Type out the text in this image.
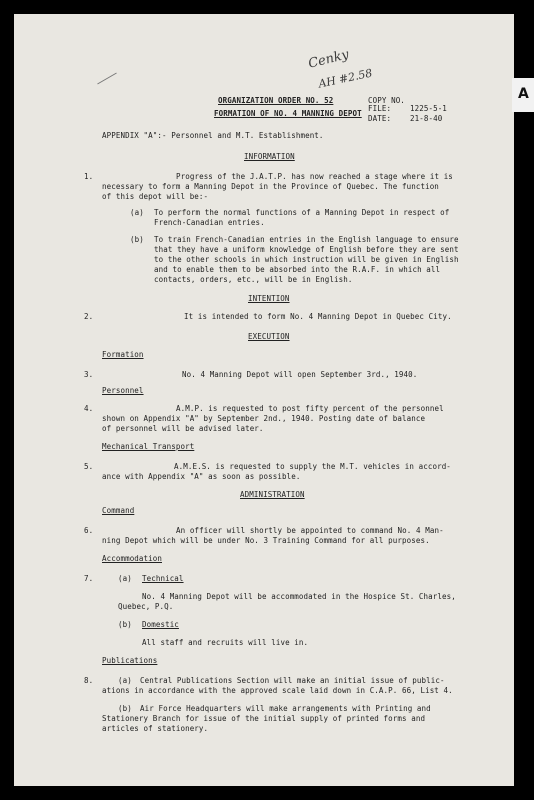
A
Cenky
AH #2.58
ORGANIZATION ORDER NO. 52	COPY NO.
FORMATION OF NO. 4 MANNING DEPOT
FILE:	1225-5-1
DATE:	21-8-40
APPENDIX "A":- Personnel and M.T. Establishment.
INFORMATION
1.	Progress of the J.A.T.P. has now reached a stage where it is
necessary to form a Manning Depot in the Province of Quebec. The function
of this depot will be:-
(a) To perform the normal functions of a Manning Depot in respect of
French-Canadian entries.
(b) To train French-Canadian entries in the English language to ensure
that they have a uniform knowledge of English before they are sent
to the other schools in which instruction will be given in English
and to enable them to be absorbed into the R.A.F. in which all
contacts, orders, etc., will be in English.
INTENTION
2.	It is intended to form No. 4 Manning Depot in Quebec City.
EXECUTION
Formation
3.	No. 4 Manning Depot will open September 3rd., 1940.
Personnel
4.	A.M.P. is requested to post fifty percent of the personnel
shown on Appendix "A" by September 2nd., 1940. Posting date of balance
of personnel will be advised later.
Mechanical Transport
5.	A.M.E.S. is requested to supply the M.T. vehicles in accord-
ance with Appendix "A" as soon as possible.
ADMINISTRATION
Command
6.	An officer will shortly be appointed to command No. 4 Man-
ning Depot which will be under No. 3 Training Command for all purposes.
Accommodation
7.	(a) Technical
No. 4 Manning Depot will be accommodated in the Hospice St. Charles,
Quebec, P.Q.
(b) Domestic
All staff and recruits will live in.
Publications
8.	(a) Central Publications Section will make an initial issue of public-
ations in accordance with the approved scale laid down in C.A.P. 66, List 4.
(b) Air Force Headquarters will make arrangements with Printing and
Stationery Branch for issue of the initial supply of printed forms and
articles of stationery.
